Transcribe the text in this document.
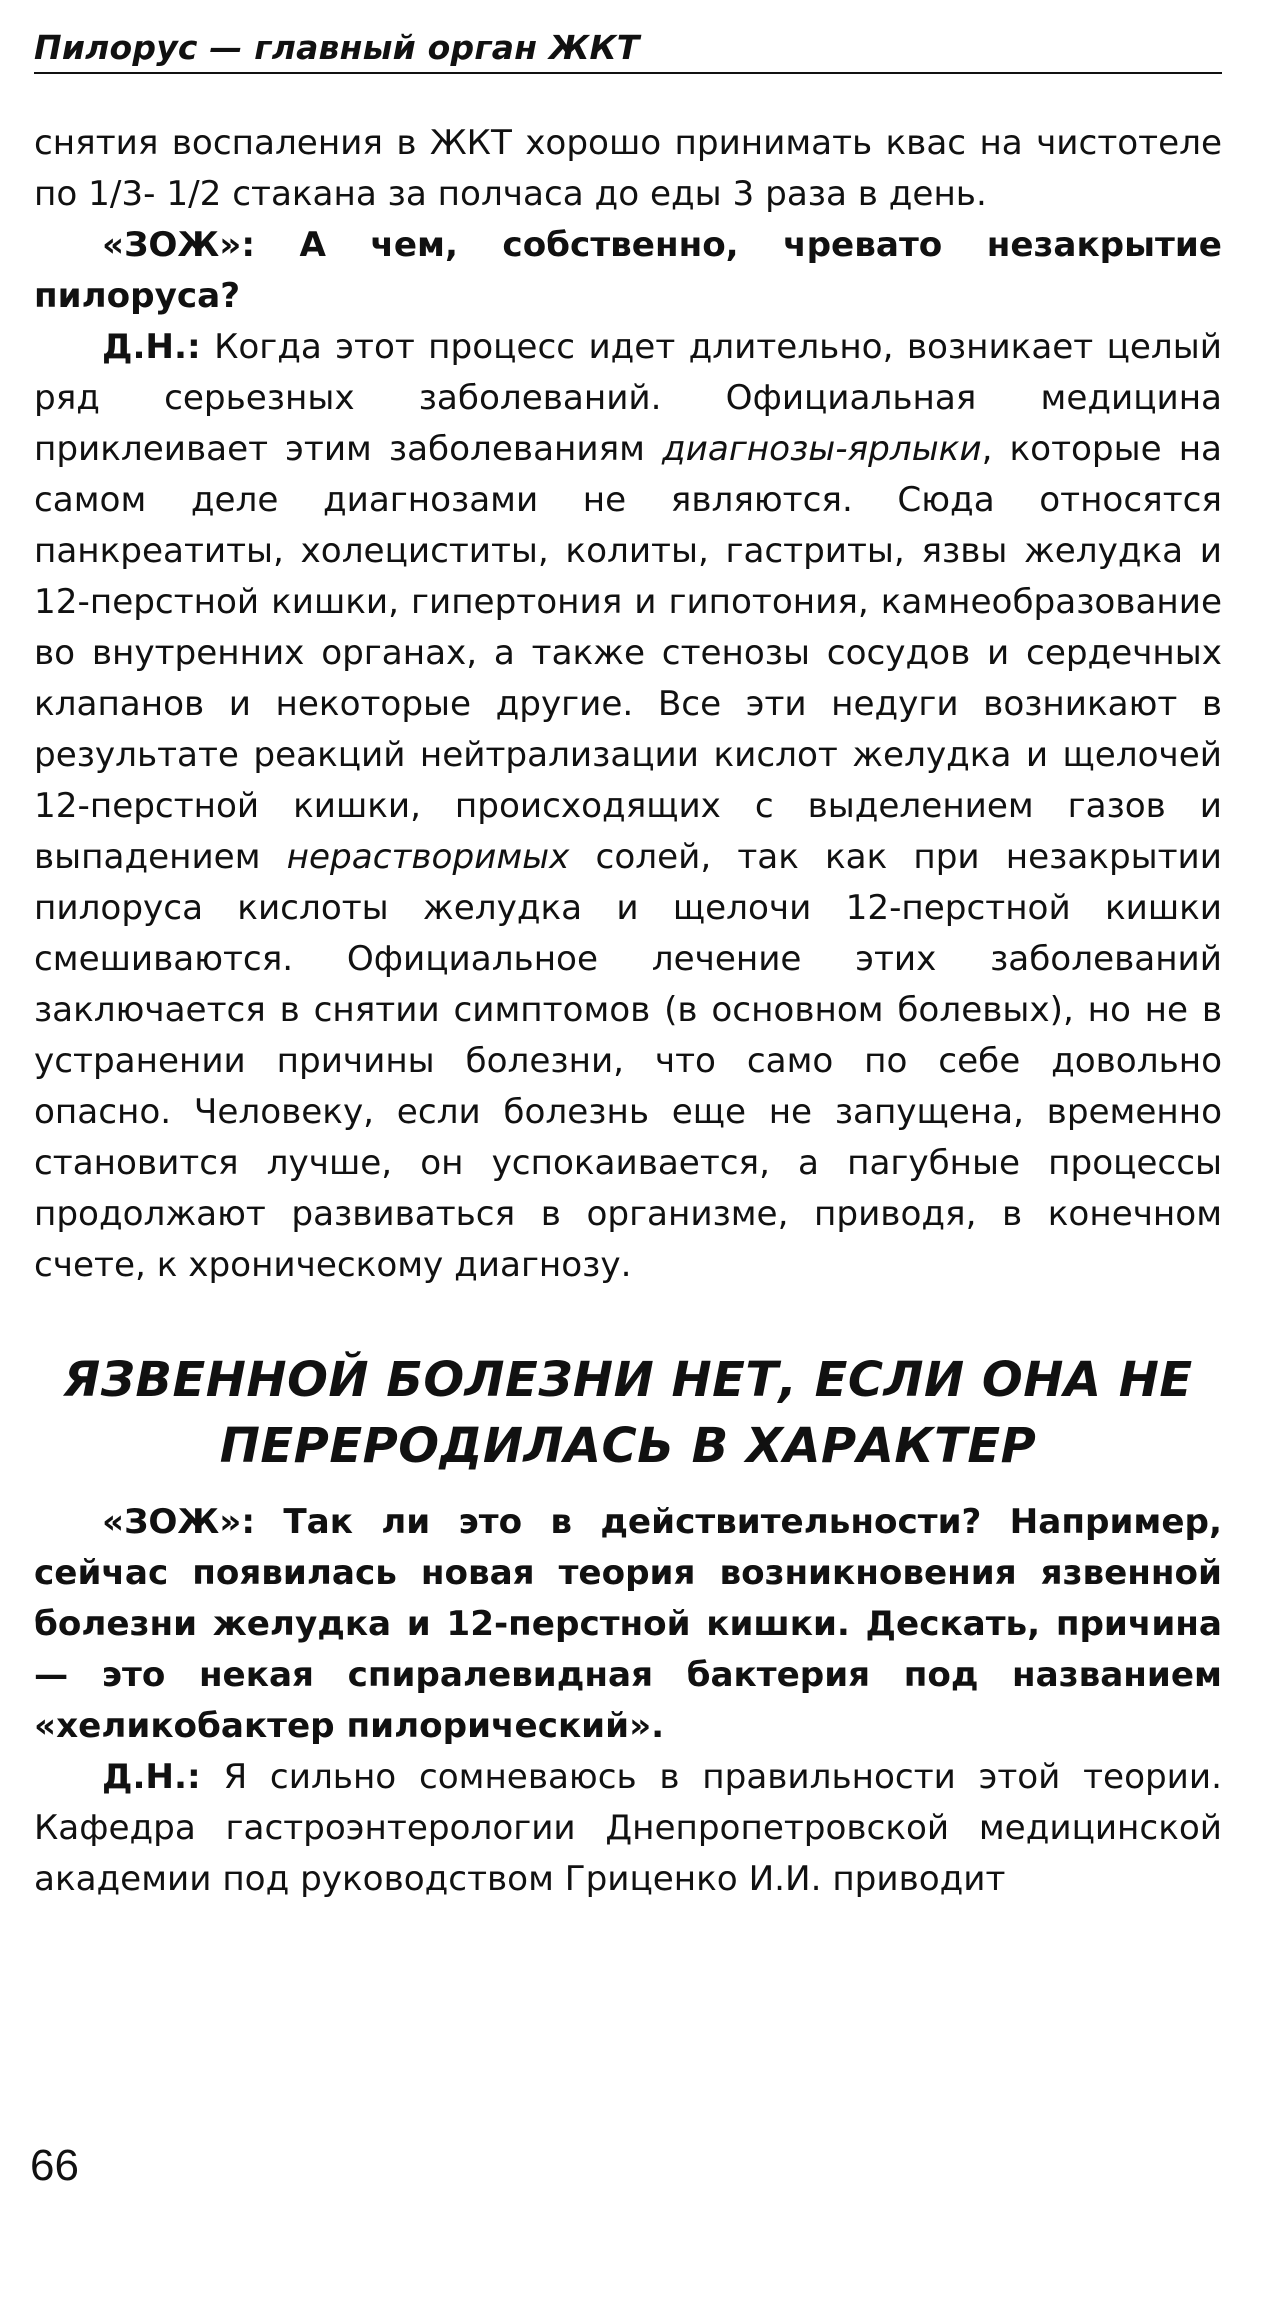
Пилорус — главный орган ЖКТ

снятия воспаления в ЖКТ хорошо принимать квас на чистотеле по 1/3- 1/2 стакана за полчаса до еды 3 раза в день.

«ЗОЖ»: А чем, собственно, чревато незакрытие пилоруса?

Д.Н.: Когда этот процесс идет длительно, возникает целый ряд серьезных заболеваний. Официальная медицина приклеивает этим заболеваниям диагнозы-ярлыки, которые на самом деле диагнозами не являются. Сюда относятся панкреатиты, холециститы, колиты, гастриты, язвы желудка и 12-перстной кишки, гипертония и гипотония, камнеобразование во внутренних органах, а также стенозы сосудов и сердечных клапанов и некоторые другие. Все эти недуги возникают в результате реакций нейтрализации кислот желудка и щелочей 12-перстной кишки, происходящих с выделением газов и выпадением нерастворимых солей, так как при незакрытии пилоруса кислоты желудка и щелочи 12-перстной кишки смешиваются. Официальное лечение этих заболеваний заключается в снятии симптомов (в основном болевых), но не в устранении причины болезни, что само по себе довольно опасно. Человеку, если болезнь еще не запущена, временно становится лучше, он успокаивается, а пагубные процессы продолжают развиваться в организме, приводя, в конечном счете, к хроническому диагнозу.

ЯЗВЕННОЙ БОЛЕЗНИ НЕТ, ЕСЛИ ОНА НЕ
ПЕРЕРОДИЛАСЬ В ХАРАКТЕР

«ЗОЖ»: Так ли это в действительности? Например, сейчас появилась новая теория возникновения язвенной болезни желудка и 12-перстной кишки. Дескать, причина — это некая спиралевидная бактерия под названием «хеликобактер пилорический».

Д.Н.: Я сильно сомневаюсь в правильности этой теории. Кафедра гастроэнтерологии Днепропетровской медицинской академии под руководством Гриценко И.И. приводит

66
